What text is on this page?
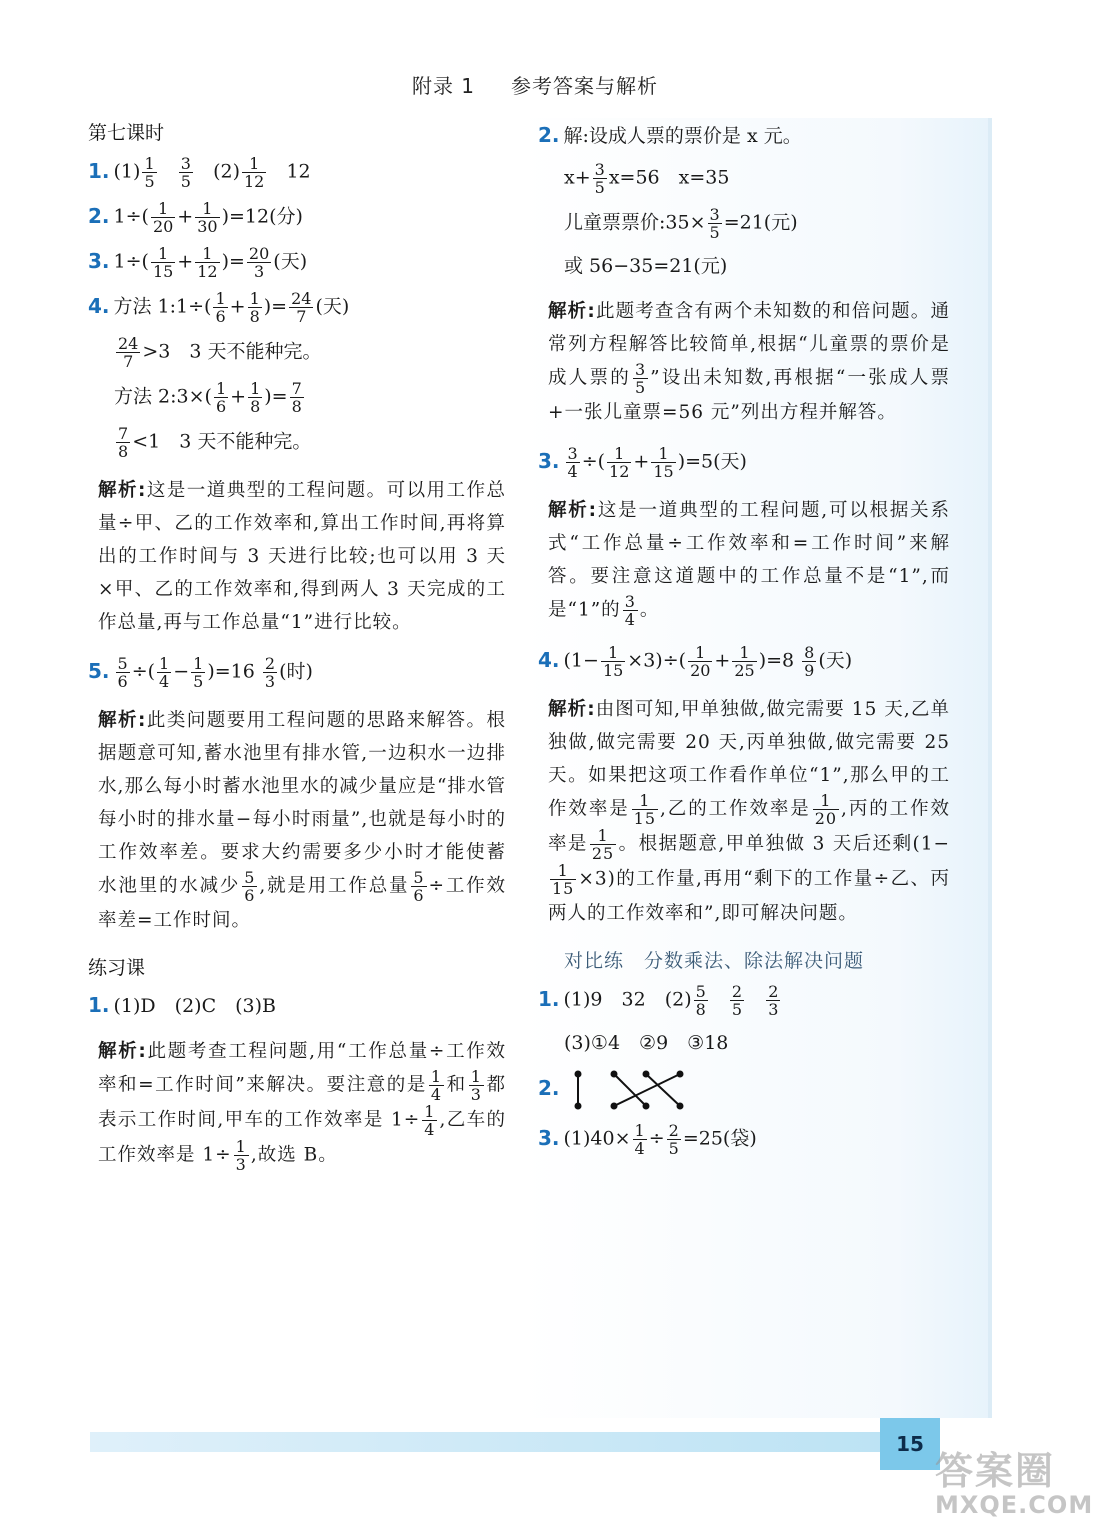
附录 1 参考答案与解析
第七课时
1. $(1) \frac{1}{5}$
$\frac{3}{5} (2) \frac{1}{12} 12$
2. $1\div( \frac{1}{20} + \frac{1}{30} )=12$(分)
3. $1\div( \frac{1}{15} + \frac{1}{12}$ )= $\frac{20}{3}$ (天)
4. 方法 1:1÷( $\frac{1}{6} + \frac{1}{8}$ )= $\frac{24}{7}$ (天)
$\frac{24}{7} >3$　3 天不能种完。
方法 2:3×( $\frac{1}{6} + \frac{1}{8}$ )= $\frac{7}{8}$
$\frac{7}{8} <1$　3 天不能种完。
解析:这是一道典型的工程问题。可以用工作总量÷甲、乙的工作效率和,算出工作时间,再将算出的工作时间与 3 天进行比较;也可以用 3 天×甲、乙的工作效率和,得到两人 3 天完成的工作总量,再与工作总量“1”进行比较。
5. $\frac{5}{6}$ ÷( $\frac{1}{4} - \frac{1}{5} )=16 \frac{2}{3}$ (时)
解析:此类问题要用工程问题的思路来解答。根据题意可知,蓄水池里有排水管,一边积水一边排水,那么每小时蓄水池里水的减少量应是“排水管每小时的排水量−每小时雨量”,也就是每小时的工作效率差。要求大约需要多少小时才能使蓄水池里的水减少 $\frac{5}{6}$ ,就是用工作总量 $\frac{5}{6}$ ÷工作效率差=工作时间。
练习课
1. (1)D　(2)C　(3)B
解析:此题考查工程问题,用“工作总量÷工作效率和=工作时间”来解决。要注意的是 $\frac{1}{4}$ 和 $\frac{1}{3}$ 都表示工作时间,甲车的工作效率是 $1\div \frac{1}{4}$ ,乙车的工作效率是 $1\div \frac{1}{3}$ ,故选 B。
2. 解:设成人票的票价是 x 元。
$x+ \frac{3}{5} x=56$　x=35
儿童票票价:35× $\frac{3}{5} =21$(元)
或 56−35=21(元)
解析:此题考查含有两个未知数的和倍问题。通常列方程解答比较简单,根据“儿童票的票价是成人票的 $\frac{3}{5}$ ”设出未知数,再根据“一张成人票+一张儿童票=56 元”列出方程并解答。
3. $\frac{3}{4}$ ÷( $\frac{1}{12} + \frac{1}{15} )=5$(天)
解析:这是一道典型的工程问题,可以根据关系式“工作总量÷工作效率和=工作时间”来解答。要注意这道题中的工作总量不是“1”,而是“1”的 $\frac{3}{4}$ 。
4. $(1- \frac{1}{15} \times 3)\div( \frac{1}{20} + \frac{1}{25} )=8 \frac{8}{9}$ (天)
解析:由图可知,甲单独做,做完需要 15 天,乙单独做,做完需要 20 天,丙单独做,做完需要 25 天。如果把这项工作看作单位“1”,那么甲的工作效率是 $\frac{1}{15}$ ,乙的工作效率是 $\frac{1}{20}$ ,丙的工作效率是 $\frac{1}{25}$ 。根据题意,甲单独做 3 天后还剩(1−
$\frac{1}{15} \times 3$)的工作量,再用“剩下的工作量÷乙、丙两人的工作效率和”,即可解决问题。
对比练　分数乘法、除法解决问题
1. (1)9　32　$(2) \frac{5}{8}$
$\frac{2}{5}$
$\frac{2}{3}$
(3)①4　②9　③18
2.
3. $(1)40\times \frac{1}{4} \div \frac{2}{5} =25$(袋)
15
答案圈
MXQE.COM
